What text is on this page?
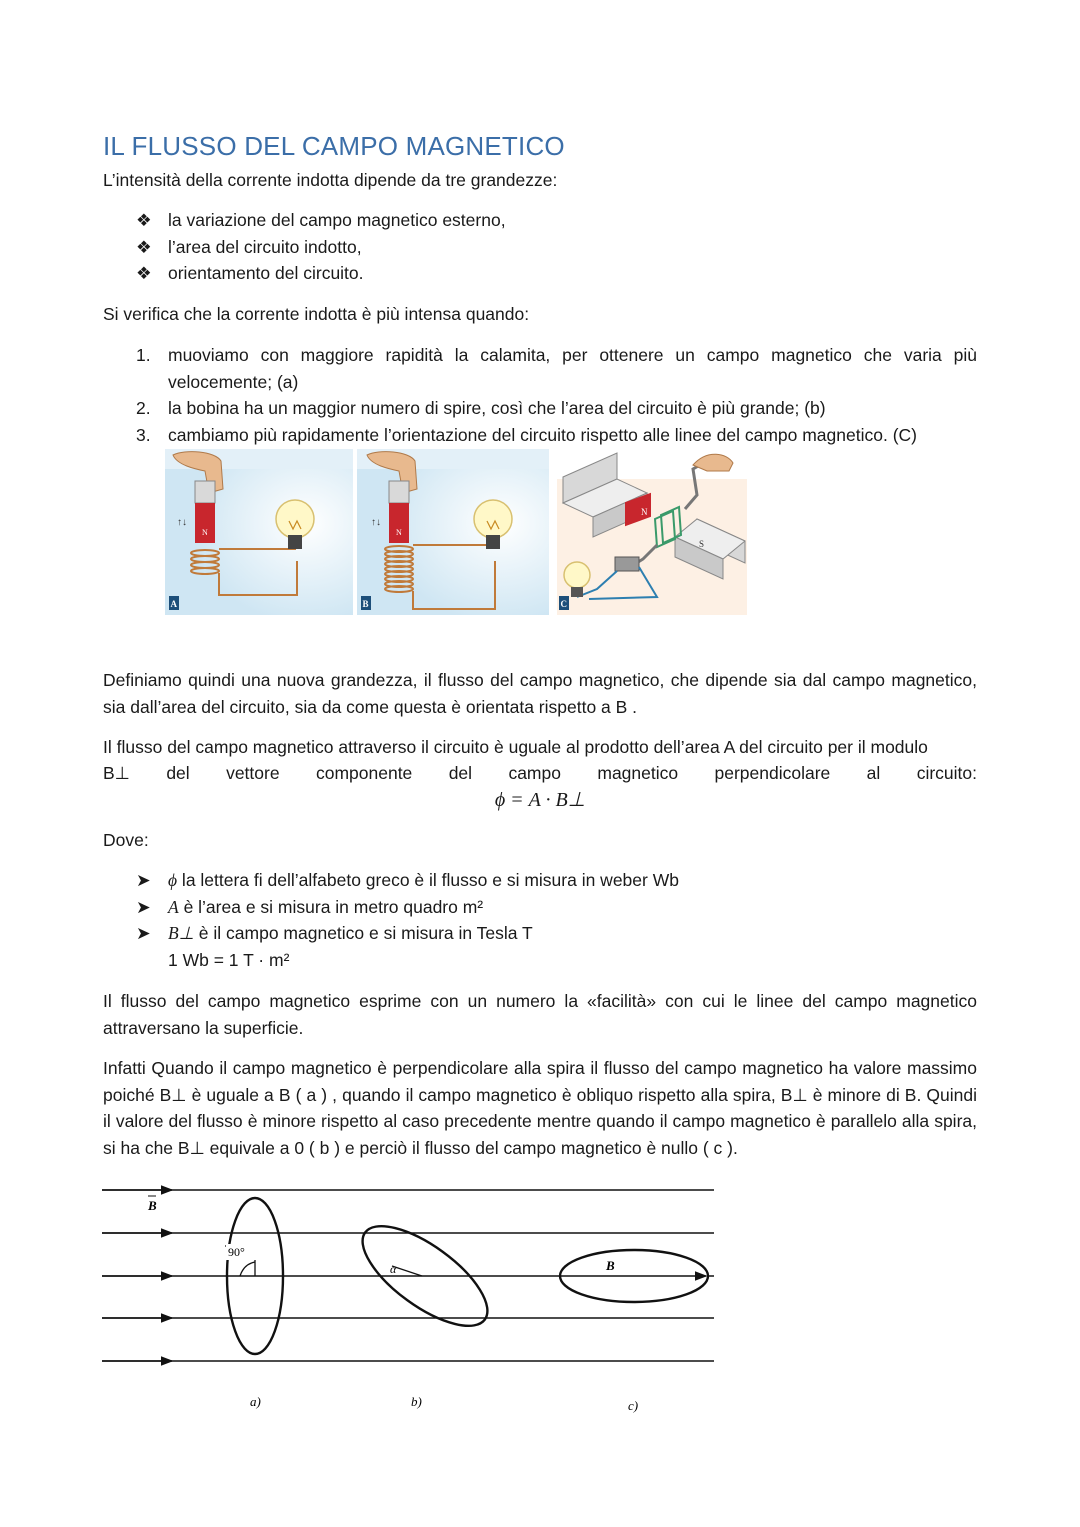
IL FLUSSO DEL CAMPO MAGNETICO
L’intensità della corrente indotta dipende da tre grandezze:
❖ la variazione del campo magnetico esterno,
❖ l’area del circuito indotto,
❖ orientamento del circuito.
Si verifica che la corrente indotta è più intensa quando:
1. muoviamo con maggiore rapidità la calamita, per ottenere un campo magnetico che varia più velocemente; (a)
2. la bobina ha un maggior numero di spire, così che l’area del circuito è più grande; (b)
3. cambiamo più rapidamente l’orientazione del circuito rispetto alle linee del campo magnetico. (C)
N
↑↓
A
N
↑↓
B
N
S
C
Definiamo quindi una nuova grandezza, il flusso del campo magnetico, che dipende sia dal campo magnetico, sia dall’area del circuito, sia da come questa è orientata rispetto a B .
Il flusso del campo magnetico attraverso il circuito è uguale al prodotto dell’area A del circuito per il modulo
B⊥ del vettore componente del campo magnetico perpendicolare al circuito:
ϕ = A · B⊥
Dove:
➤ ϕ la lettera fi dell’alfabeto greco è il flusso e si misura in weber Wb
➤ A è l’area e si misura in metro quadro m²
➤ B⊥ è il campo magnetico e si misura in Tesla T
1 Wb = 1 T · m²
Il flusso del campo magnetico esprime con un numero la «facilità» con cui le linee del campo magnetico attraversano la superficie.
Infatti Quando il campo magnetico è perpendicolare alla spira il flusso del campo magnetico ha valore massimo poiché B⊥ è uguale a B ( a ) , quando il campo magnetico è obliquo rispetto alla spira, B⊥ è minore di B. Quindi il valore del flusso è minore rispetto al caso precedente mentre quando il campo magnetico è parallelo alla spira, si ha che B⊥ equivale a 0 ( b ) e perciò il flusso del campo magnetico è nullo ( c ).
B
90°
α	B
a)	b)	c)
